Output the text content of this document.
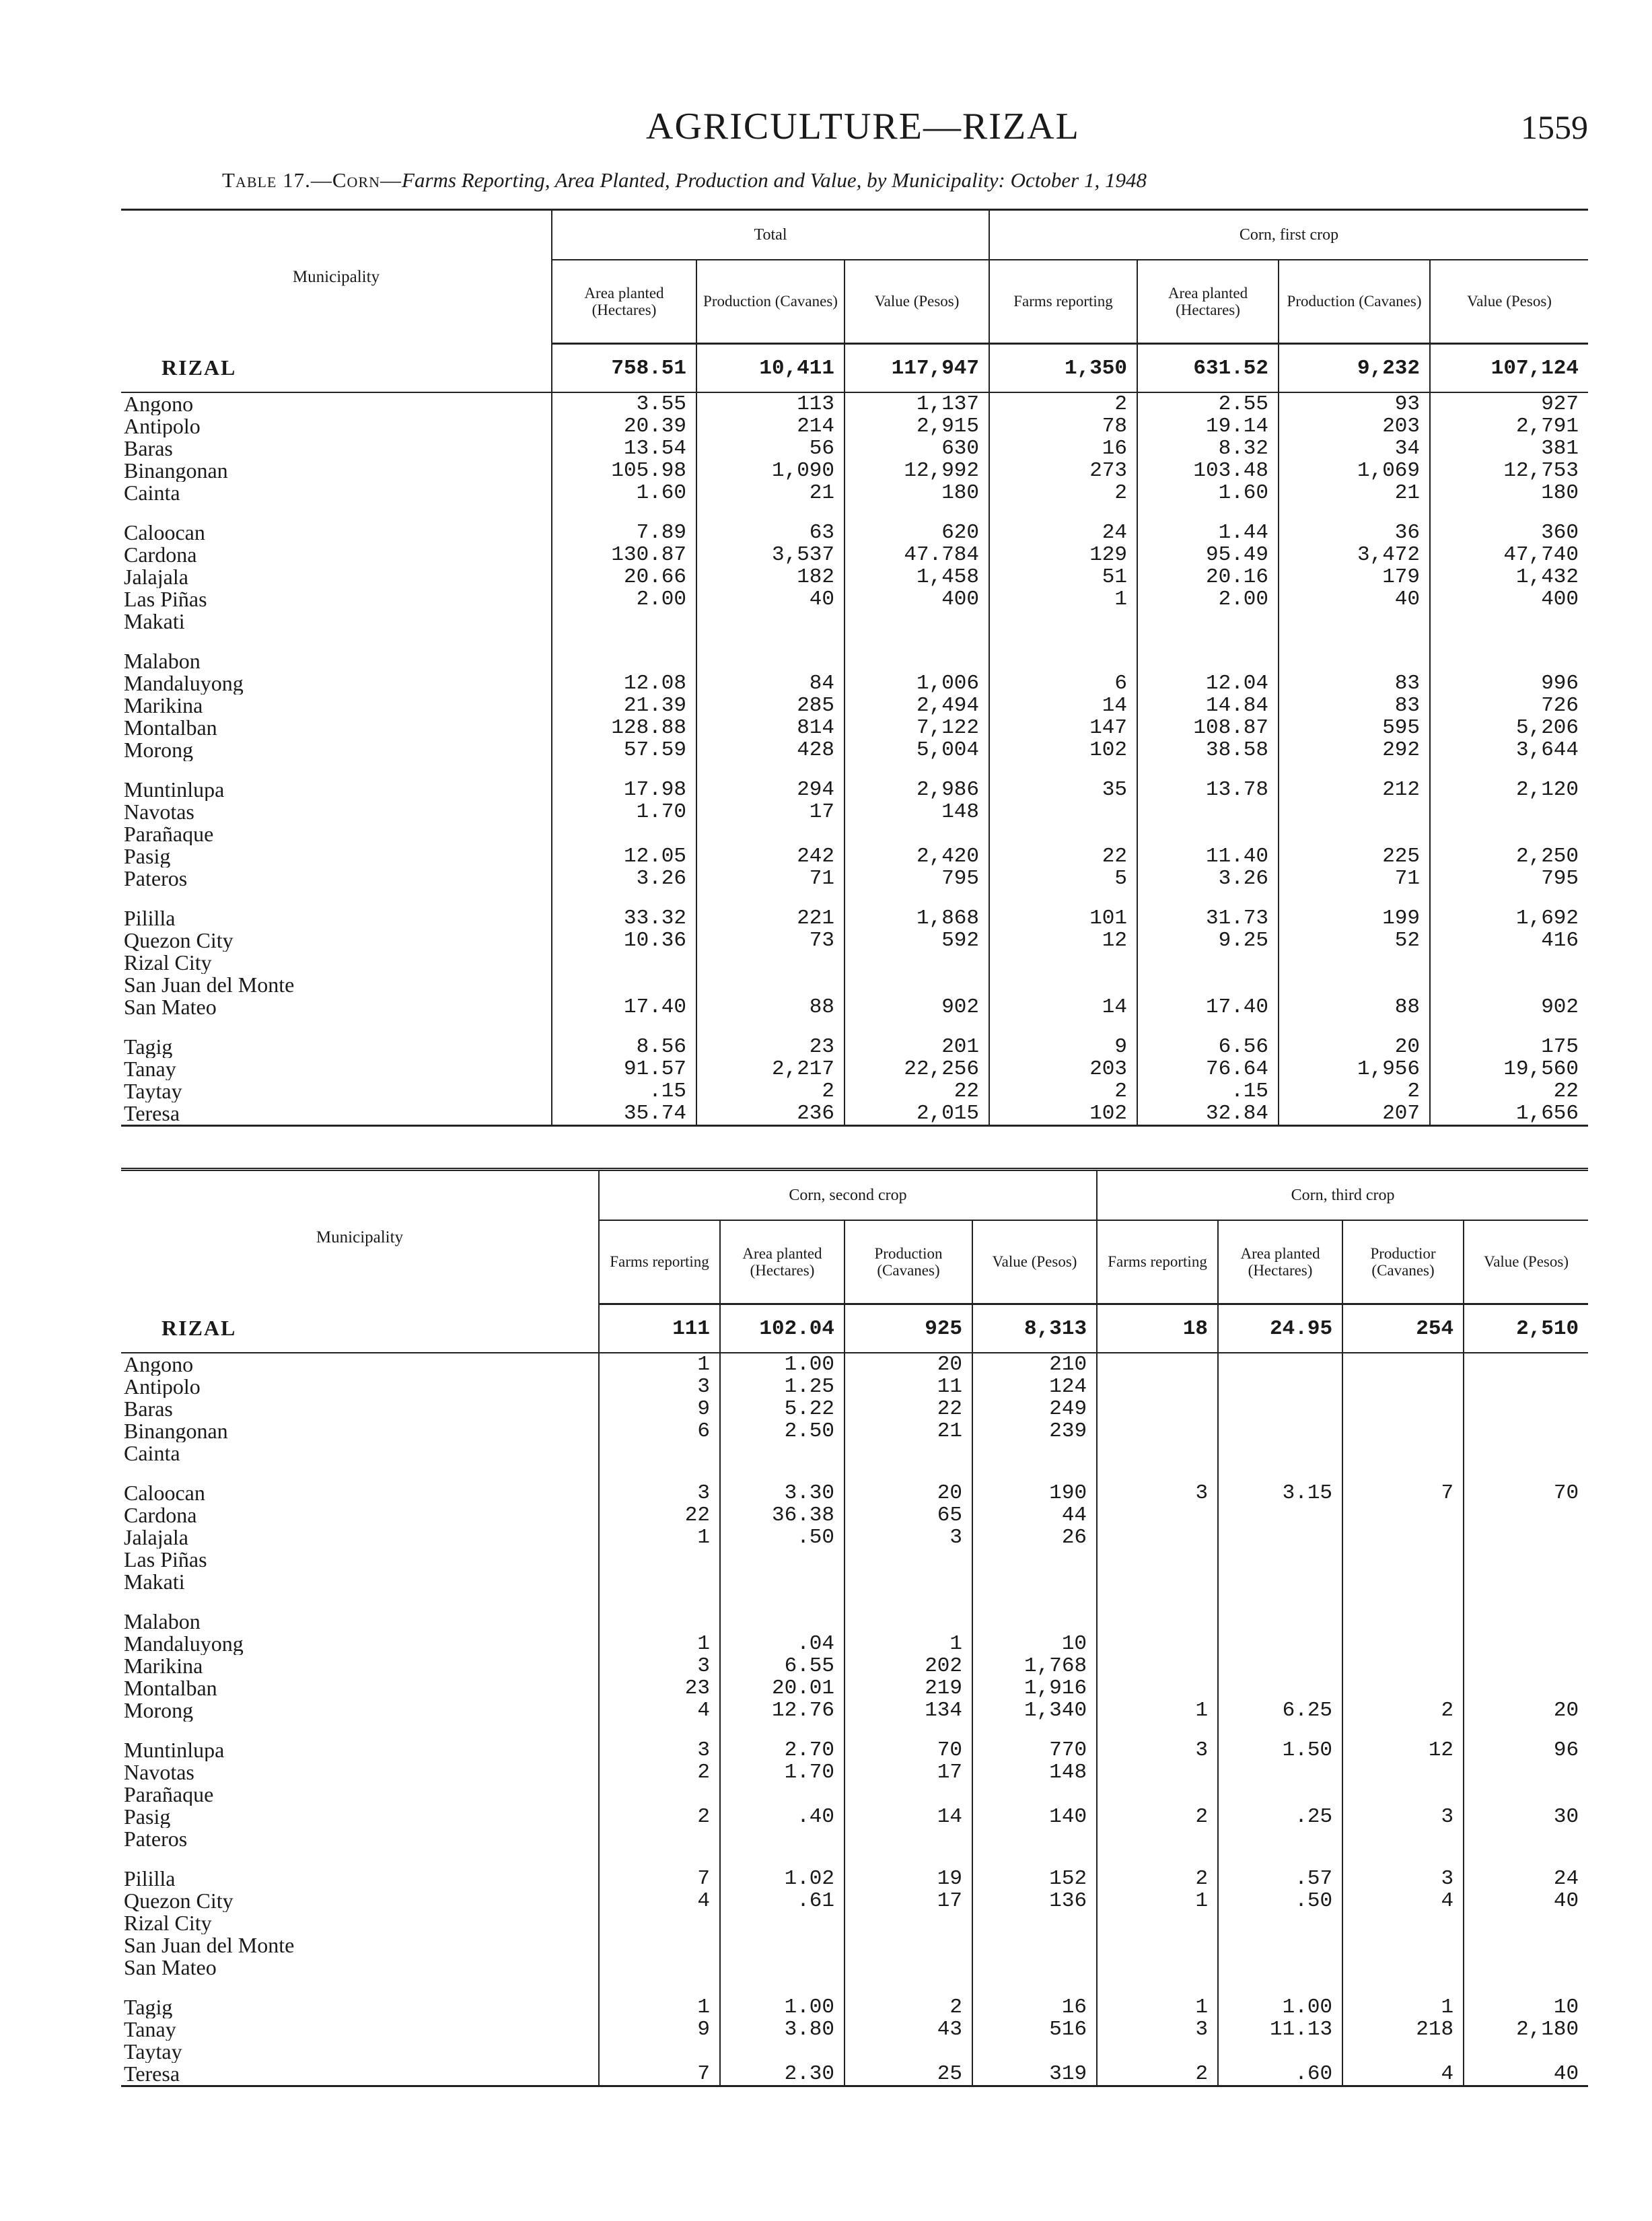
AGRICULTURE—RIZAL	1559
Table 17.—Corn—Farms Reporting, Area Planted, Production and Value, by Municipality: October 1, 1948
Municipality	Total			Corn, first crop			
	Area planted (Hectares)	Production (Cavanes)	Value (Pesos)	Farms reporting	Area planted (Hectares)	Production (Cavanes)	Value (Pesos)
RIZAL	758.51	10,411	117,947	1,350	631.52	9,232	107,124
Angono	3.55	113	1,137	2	2.55	93	927
Antipolo	20.39	214	2,915	78	19.14	203	2,791
Baras	13.54	56	630	16	8.32	34	381
Binangonan	105.98	1,090	12,992	273	103.48	1,069	12,753
Cainta	1.60	21	180	2	1.60	21	180

Caloocan	7.89	63	620	24	1.44	36	360
Cardona	130.87	3,537	47.784	129	95.49	3,472	47,740
Jalajala	20.66	182	1,458	51	20.16	179	1,432
Las Piñas	2.00	40	400	1	2.00	40	400
Makati							

Malabon							
Mandaluyong	12.08	84	1,006	6	12.04	83	996
Marikina	21.39	285	2,494	14	14.84	83	726
Montalban	128.88	814	7,122	147	108.87	595	5,206
Morong	57.59	428	5,004	102	38.58	292	3,644

Muntinlupa	17.98	294	2,986	35	13.78	212	2,120
Navotas	1.70	17	148				
Parañaque							
Pasig	12.05	242	2,420	22	11.40	225	2,250
Pateros	3.26	71	795	5	3.26	71	795

Pililla	33.32	221	1,868	101	31.73	199	1,692
Quezon City	10.36	73	592	12	9.25	52	416
Rizal City							
San Juan del Monte							
San Mateo	17.40	88	902	14	17.40	88	902

Tagig	8.56	23	201	9	6.56	20	175
Tanay	91.57	2,217	22,256	203	76.64	1,956	19,560
Taytay	.15	2	22	2	.15	2	22
Teresa	35.74	236	2,015	102	32.84	207	1,656
Municipality	Corn, second crop				Corn, third crop			
	Farms reporting	Area planted (Hectares)	Production (Cavanes)	Value (Pesos)	Farms reporting	Area planted (Hectares)	Productior (Cavanes)	Value (Pesos)
RIZAL	111	102.04	925	8,313	18	24.95	254	2,510
Angono	1	1.00	20	210				
Antipolo	3	1.25	11	124				
Baras	9	5.22	22	249				
Binangonan	6	2.50	21	239				
Cainta								

Caloocan	3	3.30	20	190	3	3.15	7	70
Cardona	22	36.38	65	44				
Jalajala	1	.50	3	26				
Las Piñas								
Makati								

Malabon								
Mandaluyong	1	.04	1	10				
Marikina	3	6.55	202	1,768				
Montalban	23	20.01	219	1,916				
Morong	4	12.76	134	1,340	1	6.25	2	20

Muntinlupa	3	2.70	70	770	3	1.50	12	96
Navotas	2	1.70	17	148				
Parañaque								
Pasig	2	.40	14	140	2	.25	3	30
Pateros								

Pililla	7	1.02	19	152	2	.57	3	24
Quezon City	4	.61	17	136	1	.50	4	40
Rizal City								
San Juan del Monte								
San Mateo								

Tagig	1	1.00	2	16	1	1.00	1	10
Tanay	9	3.80	43	516	3	11.13	218	2,180
Taytay								
Teresa	7	2.30	25	319	2	.60	4	40
